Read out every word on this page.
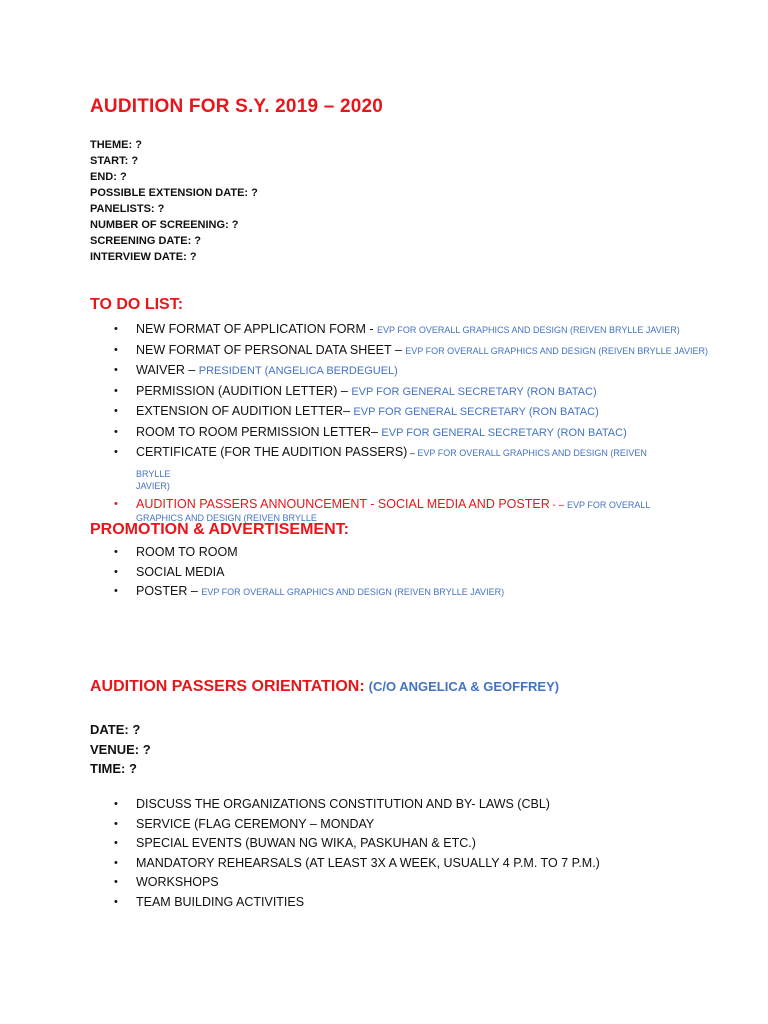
AUDITION FOR S.Y. 2019 – 2020
THEME: ?
START: ?
END: ?
POSSIBLE EXTENSION DATE: ?
PANELISTS: ?
NUMBER OF SCREENING: ?
SCREENING DATE: ?
INTERVIEW DATE: ?
TO DO LIST:
• NEW FORMAT OF APPLICATION FORM - EVP FOR OVERALL GRAPHICS AND DESIGN (REIVEN BRYLLE JAVIER)
• NEW FORMAT OF PERSONAL DATA SHEET – EVP FOR OVERALL GRAPHICS AND DESIGN (REIVEN BRYLLE JAVIER)
• WAIVER – PRESIDENT (ANGELICA BERDEGUEL)
• PERMISSION (AUDITION LETTER) – EVP FOR GENERAL SECRETARY (RON BATAC)
• EXTENSION OF AUDITION LETTER– EVP FOR GENERAL SECRETARY (RON BATAC)
• ROOM TO ROOM PERMISSION LETTER– EVP FOR GENERAL SECRETARY (RON BATAC)
• CERTIFICATE (FOR THE AUDITION PASSERS) – EVP FOR OVERALL GRAPHICS AND DESIGN (REIVEN BRYLLE
JAVIER)
• AUDITION PASSERS ANNOUNCEMENT - SOCIAL MEDIA AND POSTER - – EVP FOR OVERALL
GRAPHICS AND DESIGN (REIVEN BRYLLE
PROMOTION & ADVERTISEMENT:
• ROOM TO ROOM
• SOCIAL MEDIA
• POSTER – EVP FOR OVERALL GRAPHICS AND DESIGN (REIVEN BRYLLE JAVIER)
AUDITION PASSERS ORIENTATION: (C/O ANGELICA & GEOFFREY)
DATE: ?
VENUE: ?
TIME: ?
• DISCUSS THE ORGANIZATIONS CONSTITUTION AND BY- LAWS (CBL)
• SERVICE (FLAG CEREMONY – MONDAY
• SPECIAL EVENTS (BUWAN NG WIKA, PASKUHAN & ETC.)
• MANDATORY REHEARSALS (AT LEAST 3X A WEEK, USUALLY 4 P.M. TO 7 P.M.)
• WORKSHOPS
• TEAM BUILDING ACTIVITIES
